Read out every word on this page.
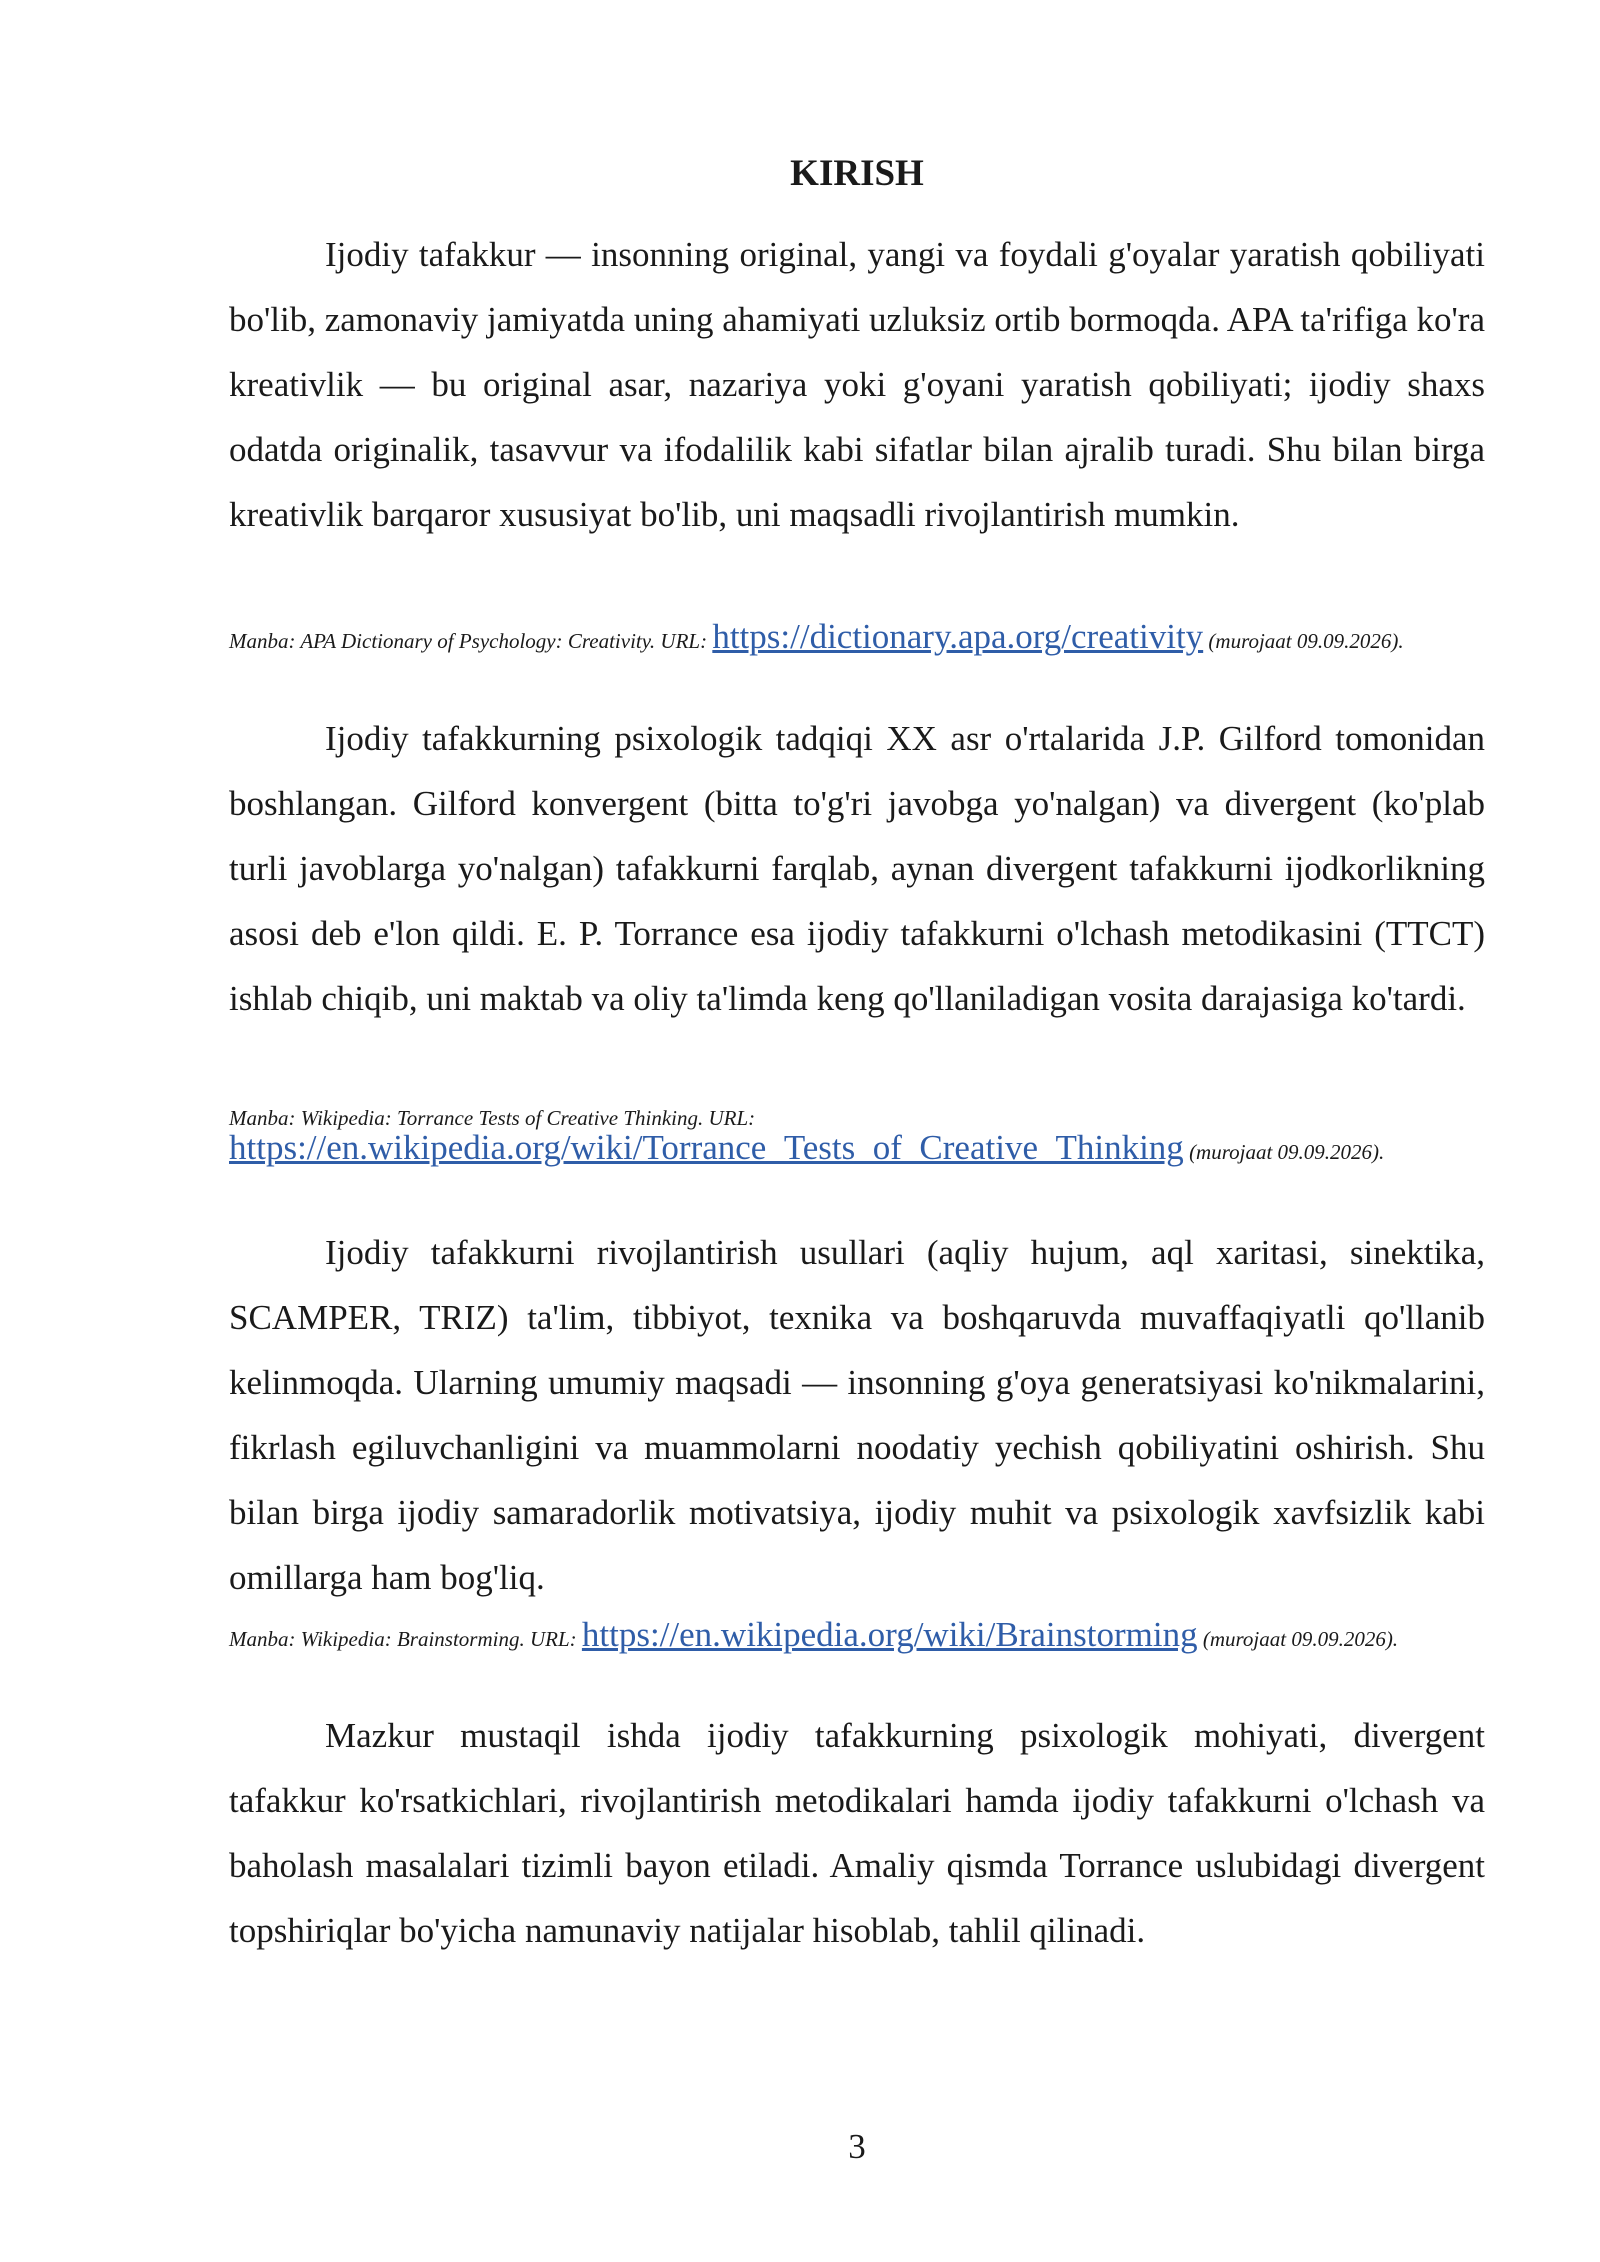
KIRISH

Ijodiy tafakkur — insonning original, yangi va foydali g'oyalar yaratish qobiliyati bo'lib, zamonaviy jamiyatda uning ahamiyati uzluksiz ortib bormoqda. APA ta'rifiga ko'ra kreativlik — bu original asar, nazariya yoki g'oyani yaratish qobiliyati; ijodiy shaxs odatda originalik, tasavvur va ifodalilik kabi sifatlar bilan ajralib turadi. Shu bilan birga kreativlik barqaror xususiyat bo'lib, uni maqsadli rivojlantirish mumkin.

Manba: APA Dictionary of Psychology: Creativity. URL: https://dictionary.apa.org/creativity (murojaat 09.09.2026).

Ijodiy tafakkurning psixologik tadqiqi XX asr o'rtalarida J.P. Gilford tomonidan boshlangan. Gilford konvergent (bitta to'g'ri javobga yo'nalgan) va divergent (ko'plab turli javoblarga yo'nalgan) tafakkurni farqlab, aynan divergent tafakkurni ijodkorlikning asosi deb e'lon qildi. E. P. Torrance esa ijodiy tafakkurni o'lchash metodikasini (TTCT) ishlab chiqib, uni maktab va oliy ta'limda keng qo'llaniladigan vosita darajasiga ko'tardi.

Manba: Wikipedia: Torrance Tests of Creative Thinking. URL:
https://en.wikipedia.org/wiki/Torrance_Tests_of_Creative_Thinking (murojaat 09.09.2026).

Ijodiy tafakkurni rivojlantirish usullari (aqliy hujum, aql xaritasi, sinektika, SCAMPER, TRIZ) ta'lim, tibbiyot, texnika va boshqaruvda muvaffaqiyatli qo'llanib kelinmoqda. Ularning umumiy maqsadi — insonning g'oya generatsiyasi ko'nikmalarini, fikrlash egiluvchanligini va muammolarni noodatiy yechish qobiliyatini oshirish. Shu bilan birga ijodiy samaradorlik motivatsiya, ijodiy muhit va psixologik xavfsizlik kabi omillarga ham bog'liq.

Manba: Wikipedia: Brainstorming. URL: https://en.wikipedia.org/wiki/Brainstorming (murojaat 09.09.2026).

Mazkur mustaqil ishda ijodiy tafakkurning psixologik mohiyati, divergent tafakkur ko'rsatkichlari, rivojlantirish metodikalari hamda ijodiy tafakkurni o'lchash va baholash masalalari tizimli bayon etiladi. Amaliy qismda Torrance uslubidagi divergent topshiriqlar bo'yicha namunaviy natijalar hisoblab, tahlil qilinadi.

3
